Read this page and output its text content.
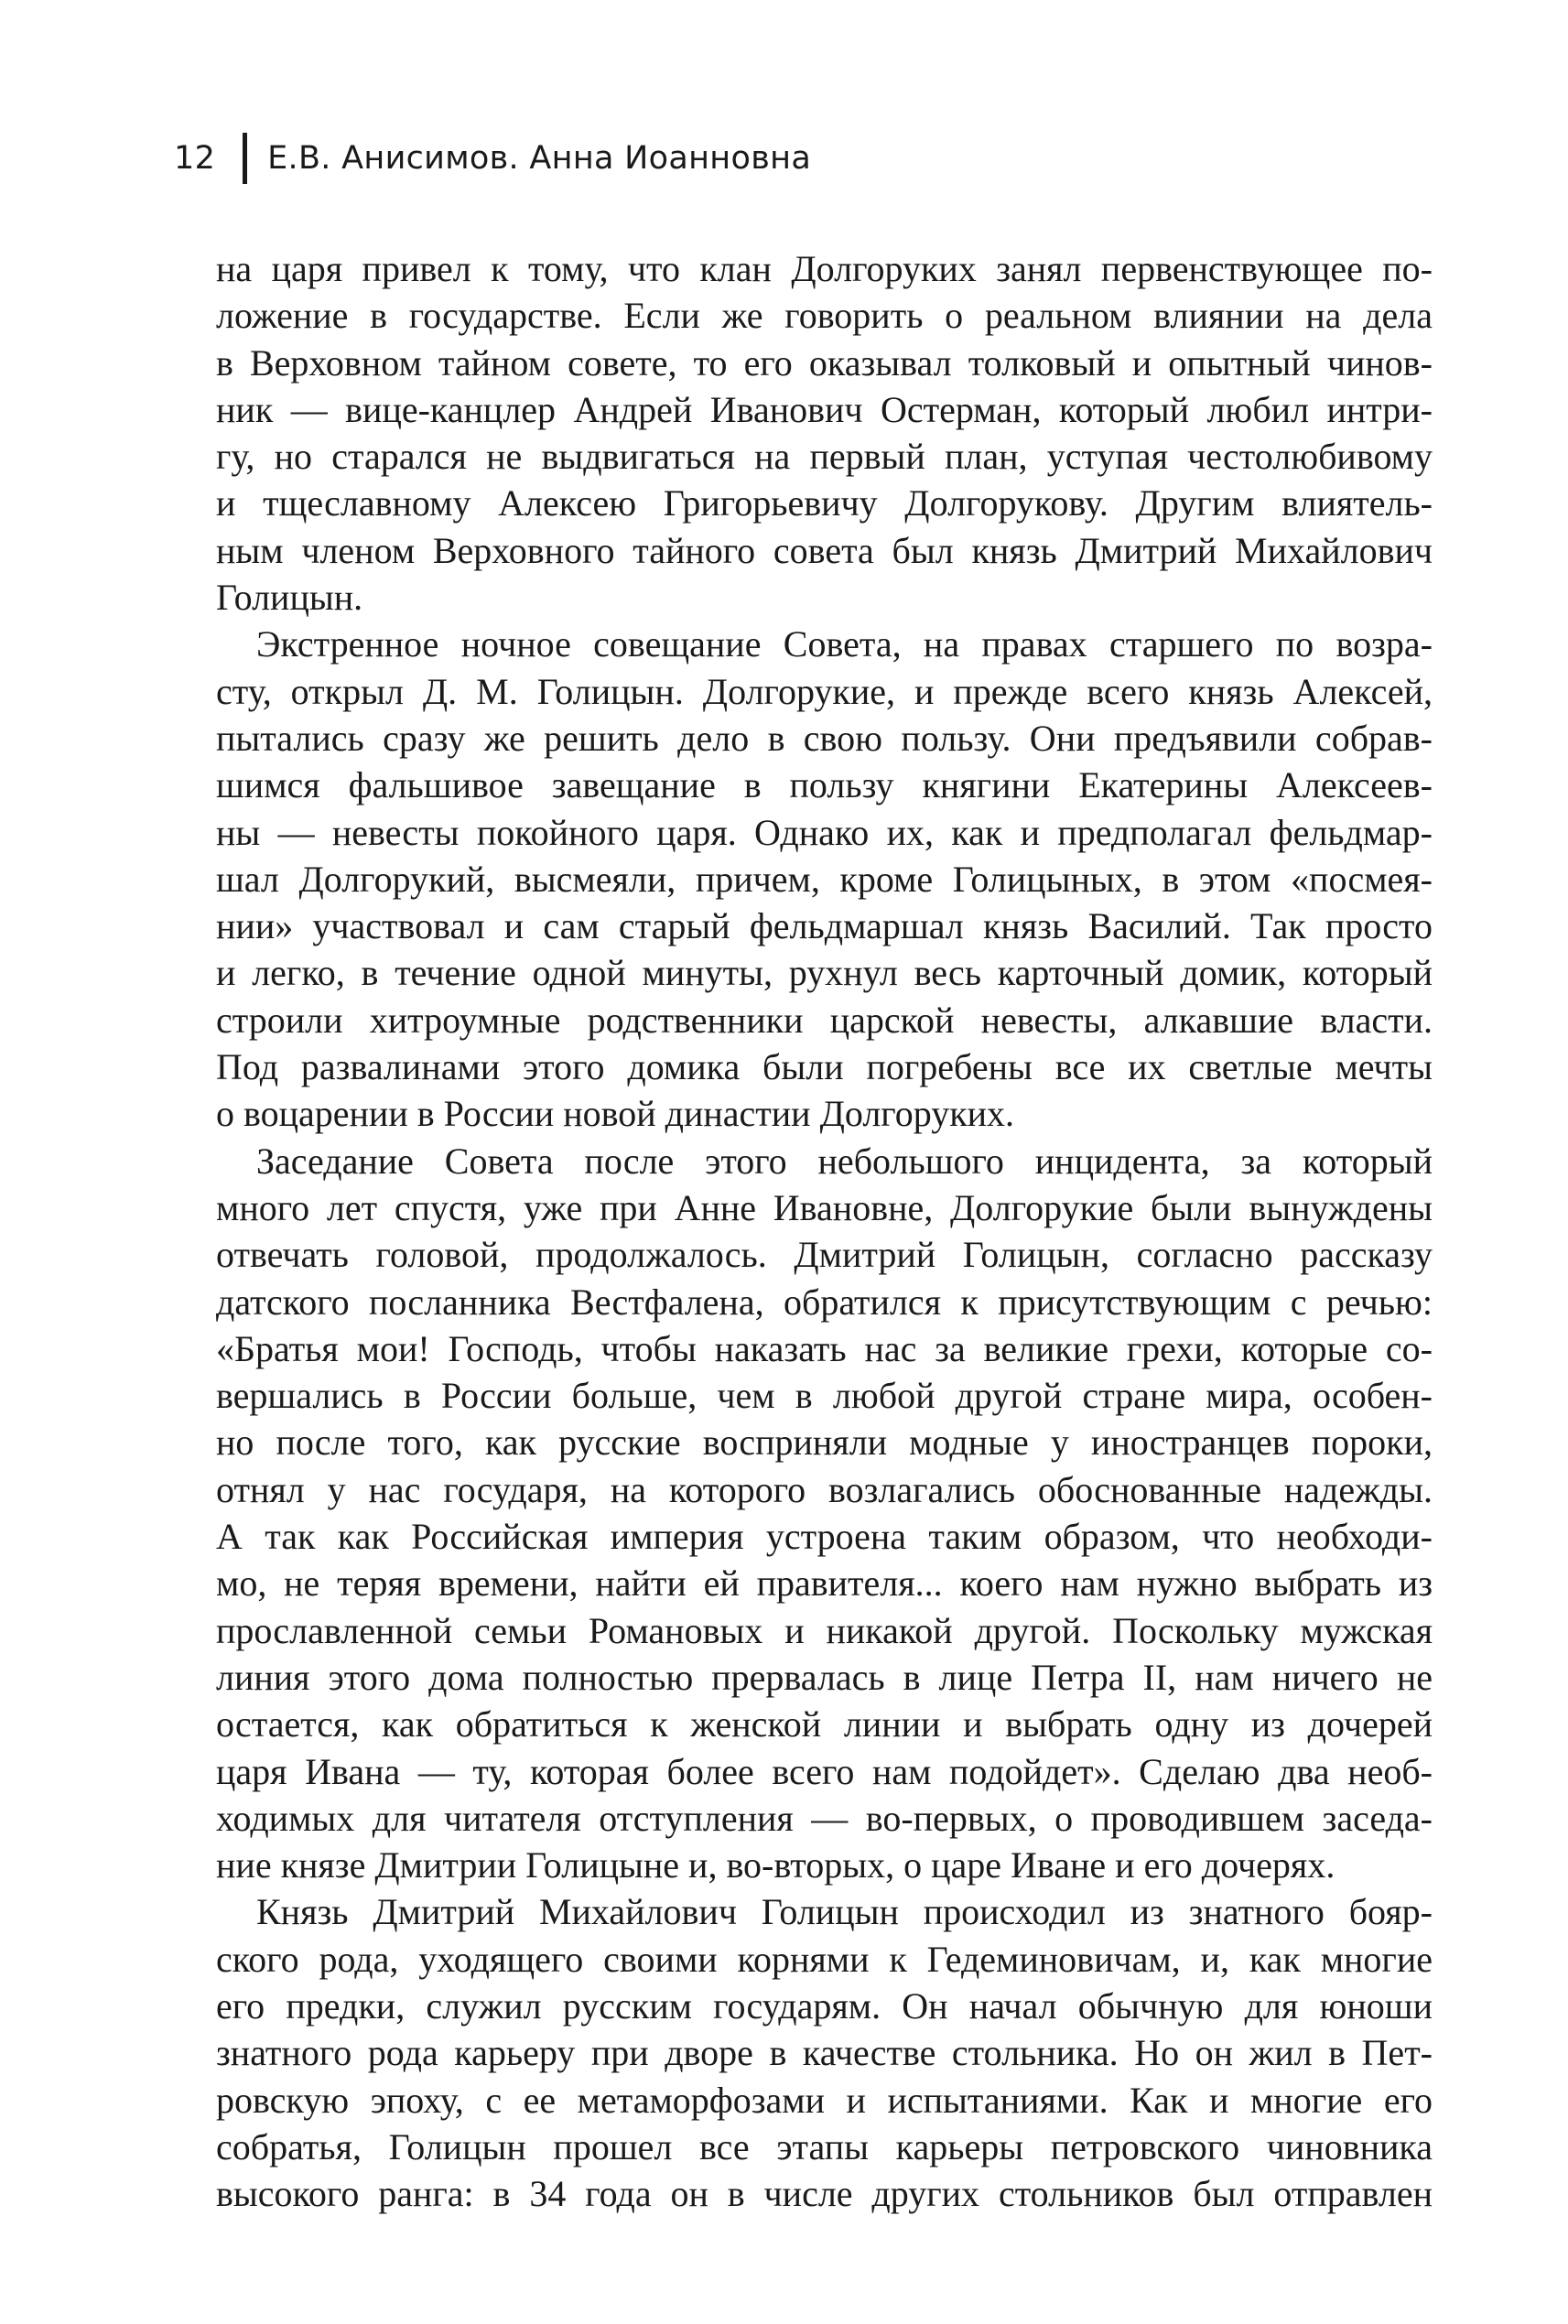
12 Е.В. Анисимов. Анна Иоанновна
на царя привел к тому, что клан Долгоруких занял первенствующее по-
ложение в государстве. Если же говорить о реальном влиянии на дела
в Верховном тайном совете, то его оказывал толковый и опытный чинов-
ник — вице-канцлер Андрей Иванович Остерман, который любил интри-
гу, но старался не выдвигаться на первый план, уступая честолюбивому
и тщеславному Алексею Григорьевичу Долгорукову. Другим влиятель-
ным членом Верховного тайного совета был князь Дмитрий Михайлович
Голицын.
Экстренное ночное совещание Совета, на правах старшего по возра-
сту, открыл Д. М. Голицын. Долгорукие, и прежде всего князь Алексей,
пытались сразу же решить дело в свою пользу. Они предъявили собрав-
шимся фальшивое завещание в пользу княгини Екатерины Алексеев-
ны — невесты покойного царя. Однако их, как и предполагал фельдмар-
шал Долгорукий, высмеяли, причем, кроме Голицыных, в этом «посмея-
нии» участвовал и сам старый фельдмаршал князь Василий. Так просто
и легко, в течение одной минуты, рухнул весь карточный домик, который
строили хитроумные родственники царской невесты, алкавшие власти.
Под развалинами этого домика были погребены все их светлые мечты
о воцарении в России новой династии Долгоруких.
Заседание Совета после этого небольшого инцидента, за который
много лет спустя, уже при Анне Ивановне, Долгорукие были вынуждены
отвечать головой, продолжалось. Дмитрий Голицын, согласно рассказу
датского посланника Вестфалена, обратился к присутствующим с речью:
«Братья мои! Господь, чтобы наказать нас за великие грехи, которые со-
вершались в России больше, чем в любой другой стране мира, особен-
но после того, как русские восприняли модные у иностранцев пороки,
отнял у нас государя, на которого возлагались обоснованные надежды.
А так как Российская империя устроена таким образом, что необходи-
мо, не теряя времени, найти ей правителя... коего нам нужно выбрать из
прославленной семьи Романовых и никакой другой. Поскольку мужская
линия этого дома полностью прервалась в лице Петра II, нам ничего не
остается, как обратиться к женской линии и выбрать одну из дочерей
царя Ивана — ту, которая более всего нам подойдет». Сделаю два необ-
ходимых для читателя отступления — во-первых, о проводившем заседа-
ние князе Дмитрии Голицыне и, во-вторых, о царе Иване и его дочерях.
Князь Дмитрий Михайлович Голицын происходил из знатного бояр-
ского рода, уходящего своими корнями к Гедеминовичам, и, как многие
его предки, служил русским государям. Он начал обычную для юноши
знатного рода карьеру при дворе в качестве стольника. Но он жил в Пет-
ровскую эпоху, с ее метаморфозами и испытаниями. Как и многие его
собратья, Голицын прошел все этапы карьеры петровского чиновника
высокого ранга: в 34 года он в числе других стольников был отправлен
